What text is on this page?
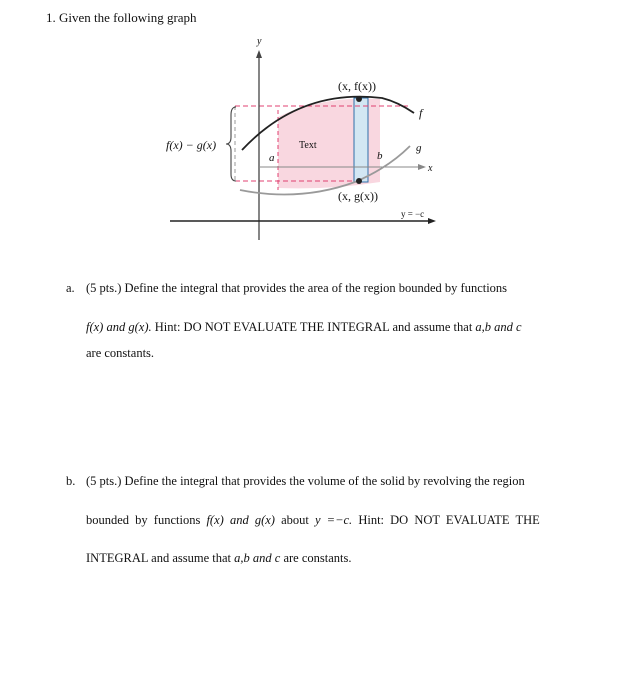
1. Given the following graph
y
(x, f(x))
f
g
x
Text
a	b
(x, g(x))
f(x) − g(x)
y = −c
a. (5 pts.) Define the integral that provides the area of the region bounded by functions
f(x) and g(x). Hint: DO NOT EVALUATE THE INTEGRAL and assume that a,b and c
are constants.
b. (5 pts.) Define the integral that provides the volume of the solid by revolving the region
bounded by functions f(x) and g(x) about y =−c. Hint: DO NOT EVALUATE THE
INTEGRAL and assume that a,b and c are constants.
